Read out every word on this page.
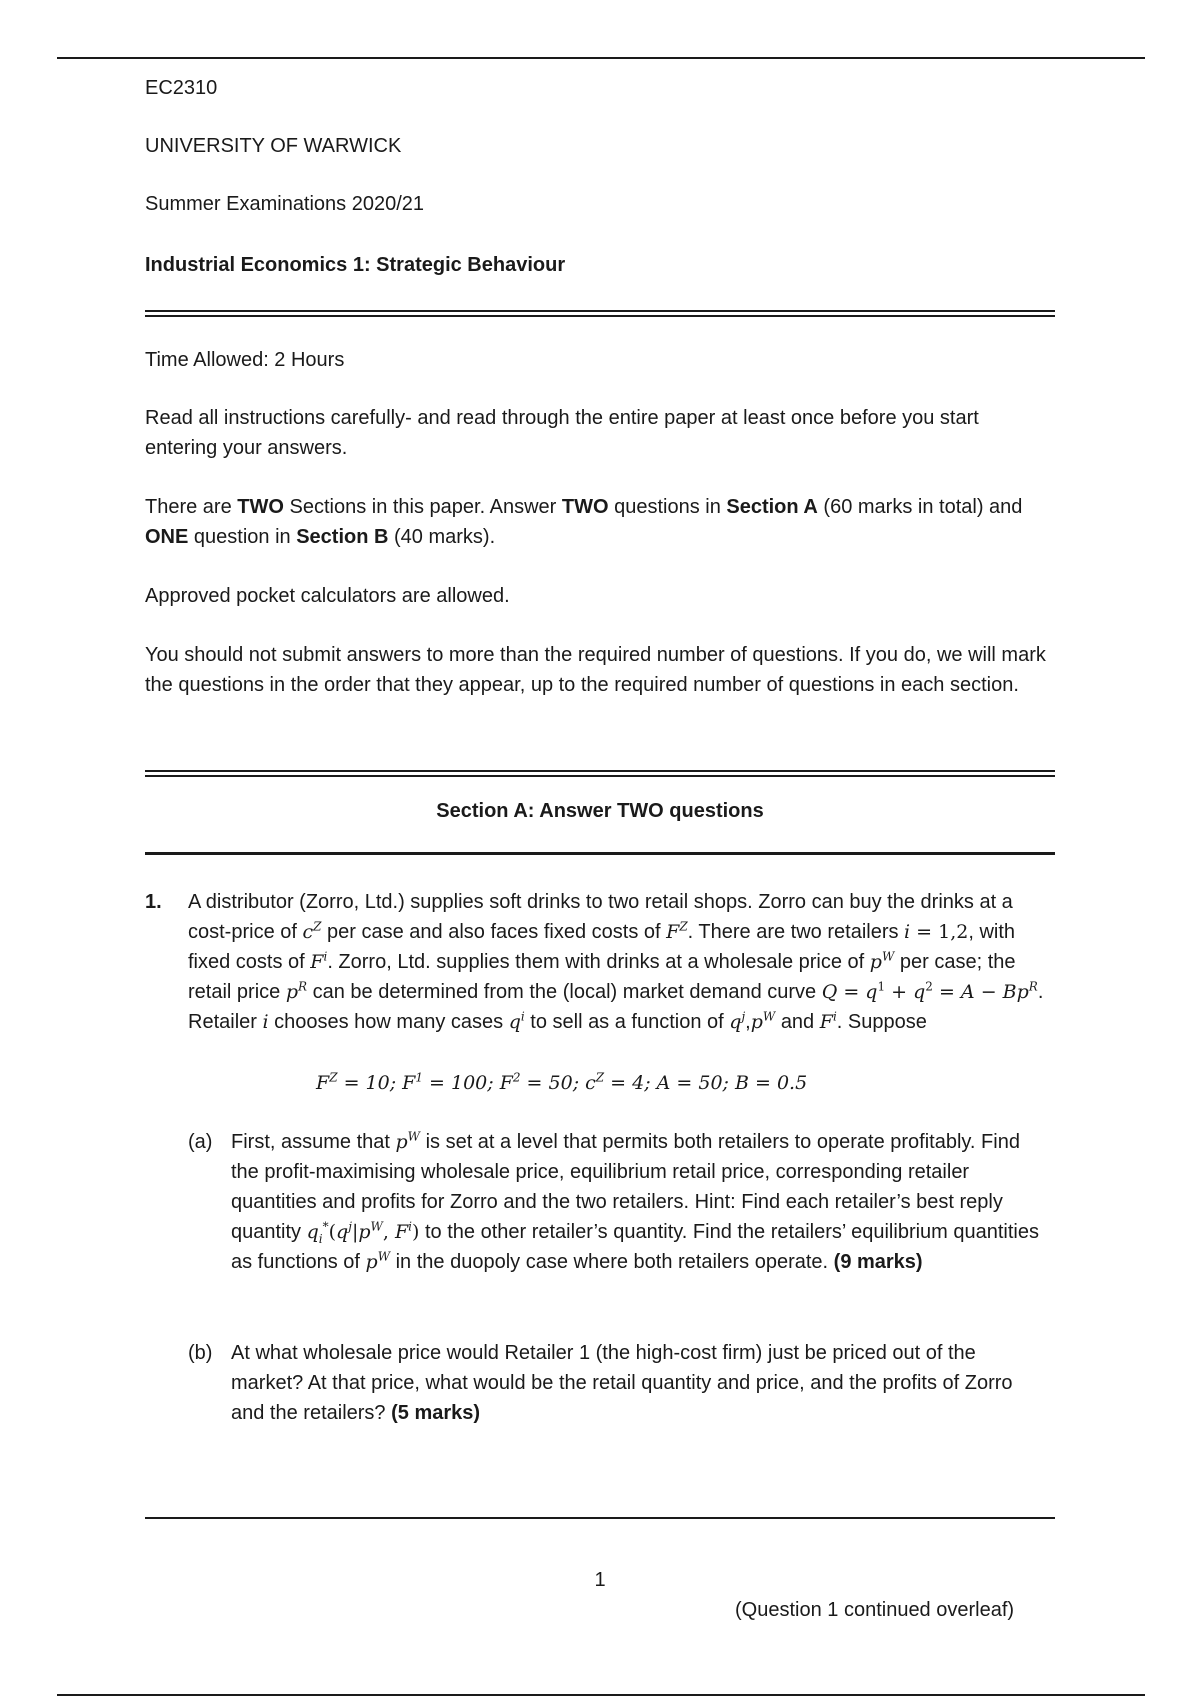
EC2310
UNIVERSITY OF WARWICK
Summer Examinations 2020/21
Industrial Economics 1: Strategic Behaviour
Time Allowed: 2 Hours
Read all instructions carefully- and read through the entire paper at least once before you start entering your answers.
There are TWO Sections in this paper. Answer TWO questions in Section A (60 marks in total) and ONE question in Section B (40 marks).
Approved pocket calculators are allowed.
You should not submit answers to more than the required number of questions. If you do, we will mark the questions in the order that they appear, up to the required number of questions in each section.
Section A: Answer TWO questions
1. A distributor (Zorro, Ltd.) supplies soft drinks to two retail shops. Zorro can buy the drinks at a cost-price of $c^Z$ per case and also faces fixed costs of $F^Z$. There are two retailers i = 1,2, with fixed costs of $F^i$. Zorro, Ltd. supplies them with drinks at a wholesale price of $p^W$ per case; the retail price $p^R$ can be determined from the (local) market demand curve $Q = q^1 + q^2 = A - Bp^R$. Retailer i chooses how many cases $q^i$ to sell as a function of $q^j,p^W$ and $F^i$. Suppose
$F^Z = 10$; $F^1 = 100$; $F^2 = 50$; $c^Z = 4$; A = 50; B = 0.5
(a) First, assume that $p^W$ is set at a level that permits both retailers to operate profitably. Find the profit-maximising wholesale price, equilibrium retail price, corresponding retailer quantities and profits for Zorro and the two retailers. Hint: Find each retailer’s best reply quantity $q_i^*(q^j|p^W$, $F^i$) to the other retailer’s quantity. Find the retailers’ equilibrium quantities as functions of $p^W$ in the duopoly case where both retailers operate. (9 marks)
(b) At what wholesale price would Retailer 1 (the high-cost firm) just be priced out of the market? At that price, what would be the retail quantity and price, and the profits of Zorro and the retailers? (5 marks)
1
(Question 1 continued overleaf)
